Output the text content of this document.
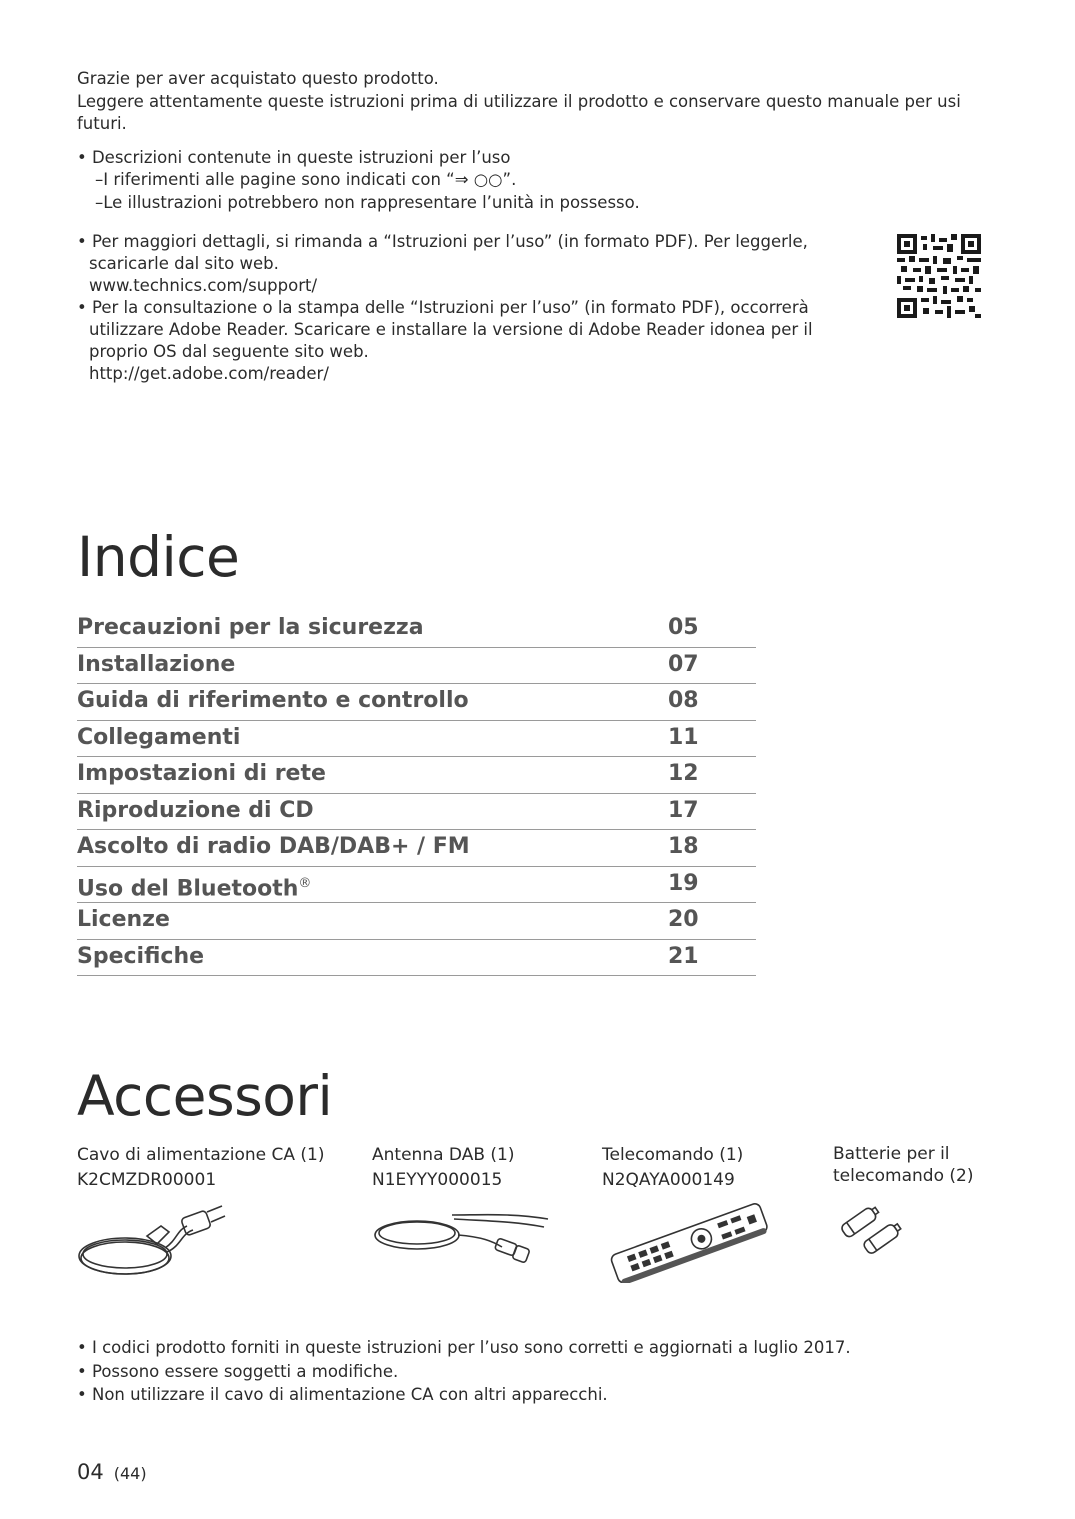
Grazie per aver acquistato questo prodotto.

Leggere attentamente queste istruzioni prima di utilizzare il prodotto e conservare questo manuale per usi futuri.

• Descrizioni contenute in queste istruzioni per l’uso

–I riferimenti alle pagine sono indicati con “⇒ ○○”.

–Le illustrazioni potrebbero non rappresentare l’unità in possesso.

• Per maggiori dettagli, si rimanda a “Istruzioni per l’uso” (in formato PDF). Per leggerle, scaricarle dal sito web.

www.technics.com/support/

• Per la consultazione o la stampa delle “Istruzioni per l’uso” (in formato PDF), occorrerà utilizzare Adobe Reader. Scaricare e installare la versione di Adobe Reader idonea per il proprio OS dal seguente sito web.

http://get.adobe.com/reader/

Indice
Precauzioni per la sicurezza	05
Installazione	07
Guida di riferimento e controllo	08
Collegamenti	11
Impostazioni di rete	12
Riproduzione di CD	17
Ascolto di radio DAB/DAB+ / FM	18
Uso del Bluetooth®	19
Licenze	20
Specifiche	21
Accessori
Cavo di alimentazione CA (1)
K2CMZDR00001
Antenna DAB (1)
N1EYYY000015
Telecomando (1)
N2QAYA000149
Batterie per il telecomando (2)

• I codici prodotto forniti in queste istruzioni per l’uso sono corretti e aggiornati a luglio 2017.

• Possono essere soggetti a modifiche.

• Non utilizzare il cavo di alimentazione CA con altri apparecchi.

04 (44)
